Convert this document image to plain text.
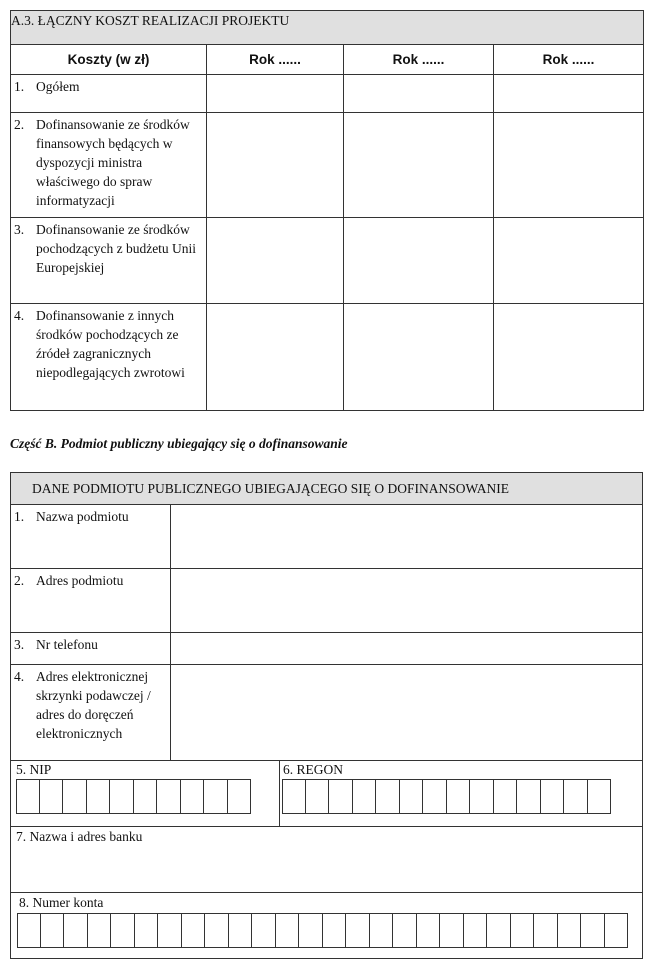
A.3. ŁĄCZNY KOSZT REALIZACJI PROJEKTU			
Koszty (w zł)	Rok ......	Rok ......	Rok ......

1. Ogółem			

2. Dofinansowanie ze środków finansowych będących w dyspozycji ministra właściwego do spraw informatyzacji			

3. Dofinansowanie ze środków pochodzących z budżetu Unii Europejskiej			

4. Dofinansowanie z innych środków pochodzących ze źródeł zagranicznych niepodlegających zwrotowi			

Część B. Podmiot publiczny ubiegający się o dofinansowanie
DANE PODMIOTU PUBLICZNEGO UBIEGAJĄCEGO SIĘ O DOFINANSOWANIE	

1. Nazwa podmiotu	

2. Adres podmiotu	

3. Nr telefonu	

4. Adres elektronicznej skrzynki podawczej / adres do doręczeń elektronicznych	

5. NIP	6. REGON
7. Nazwa i adres banku
8. Numer konta
